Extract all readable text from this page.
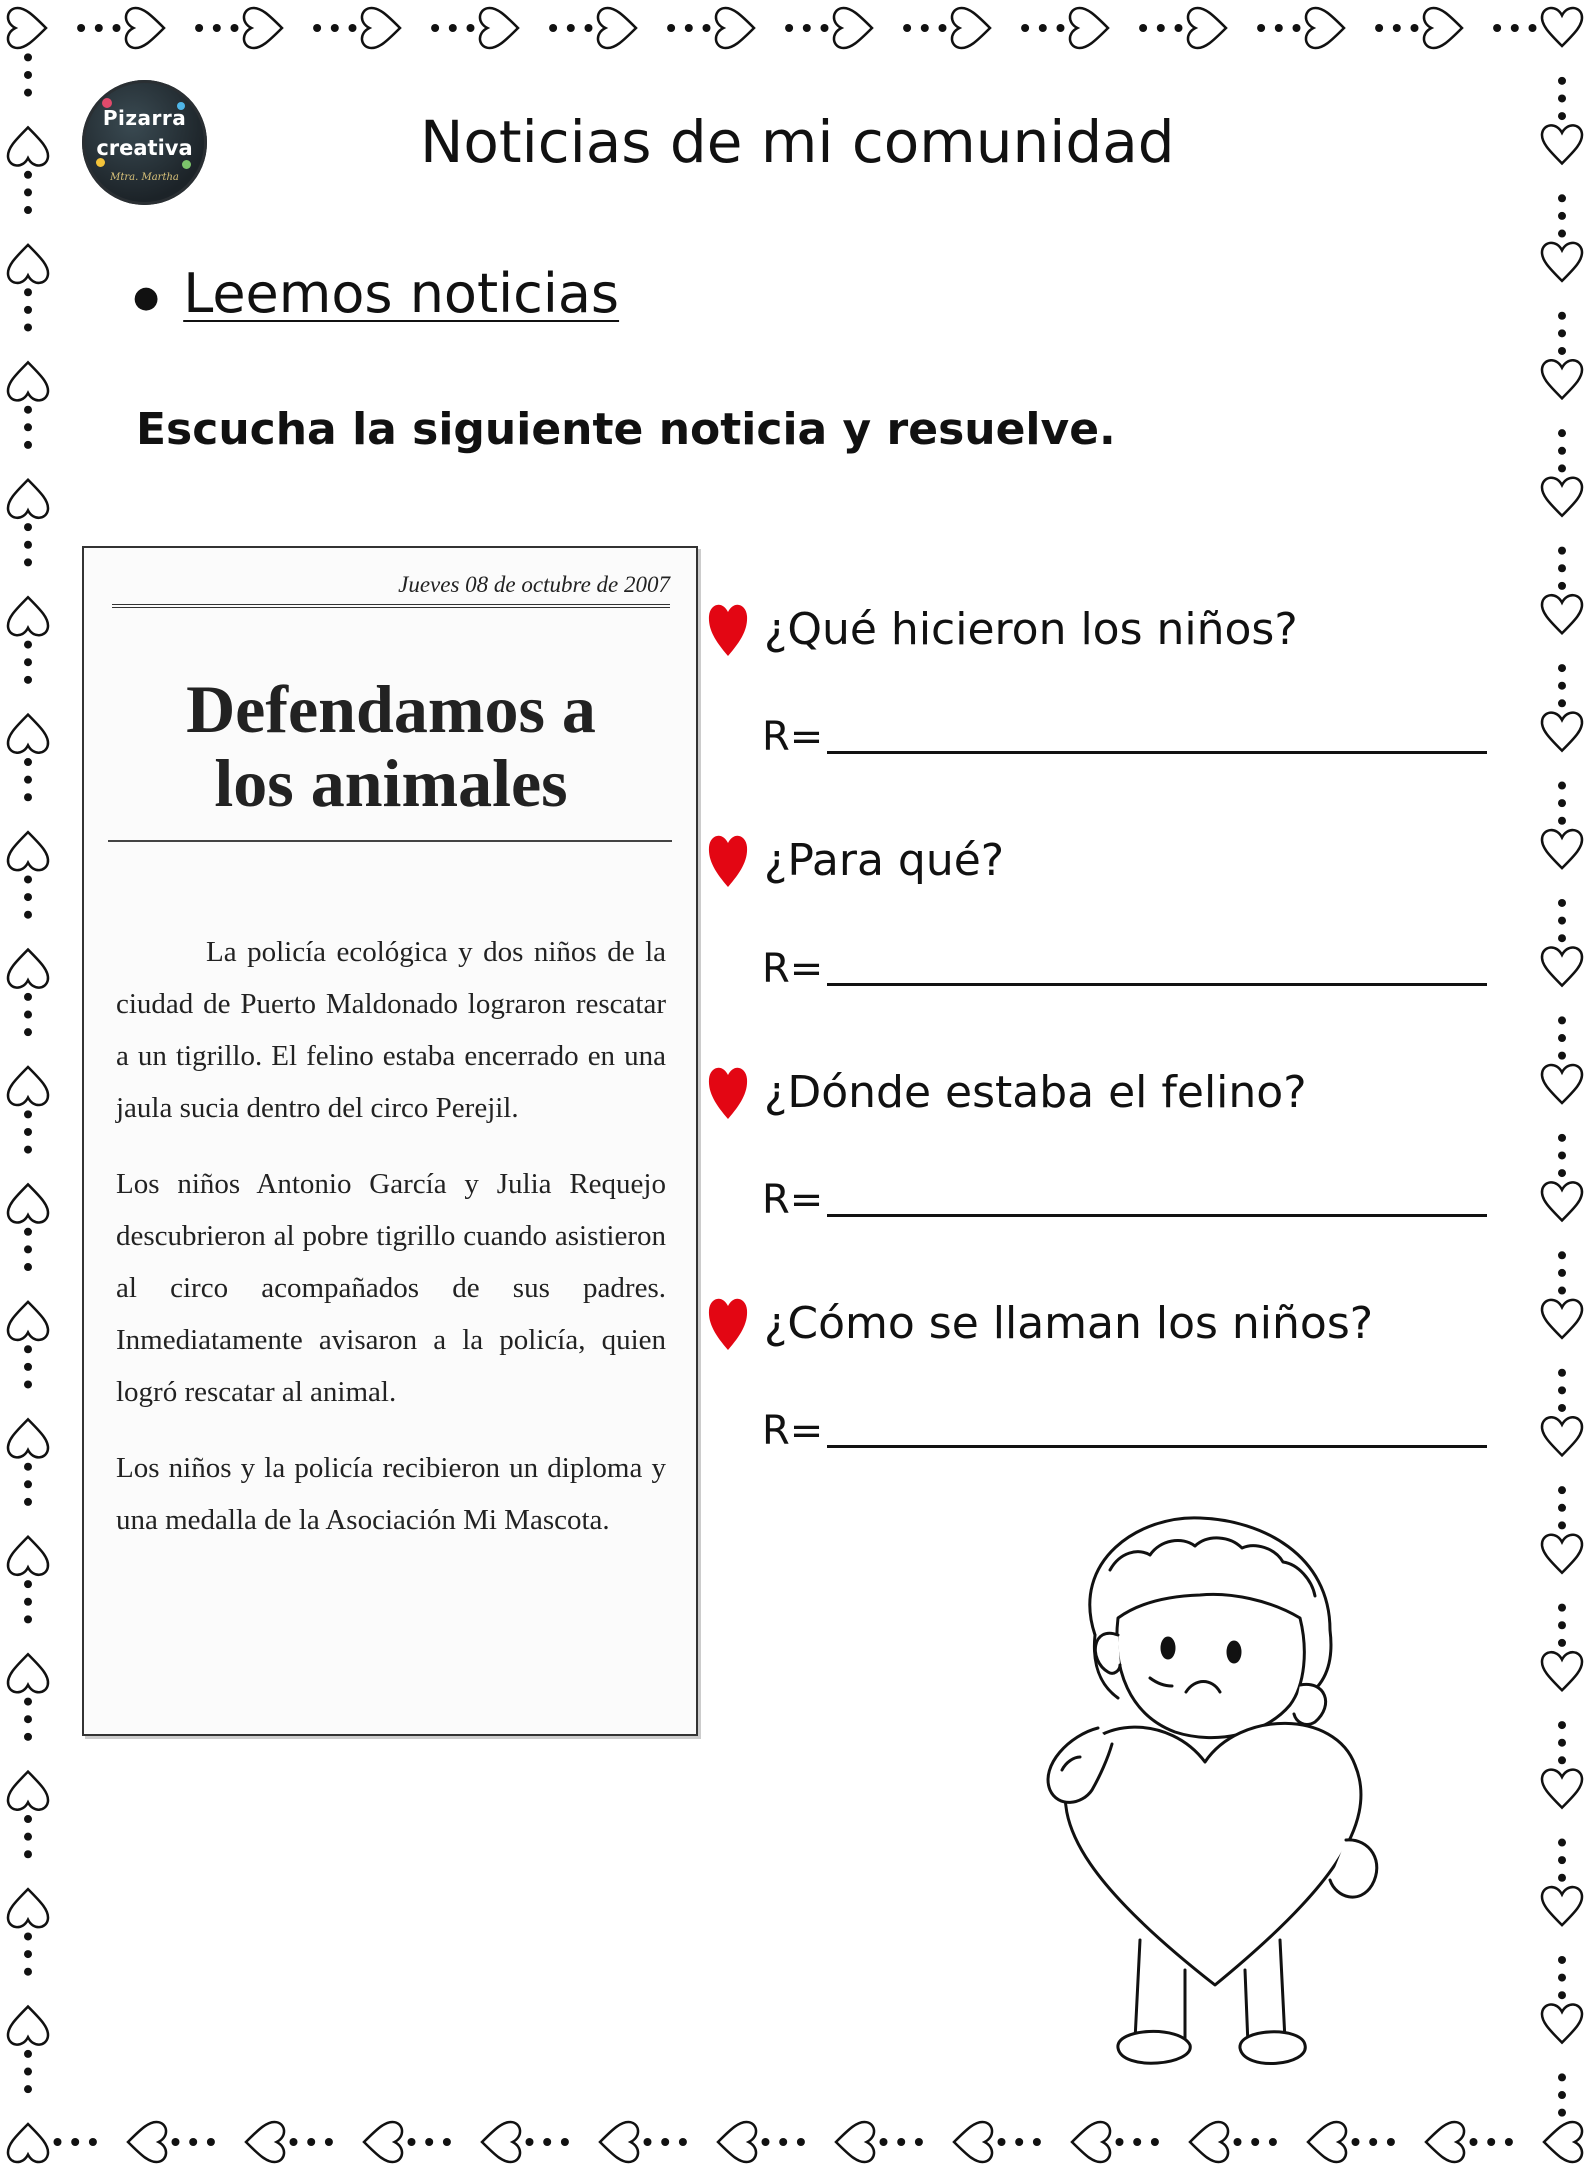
Pizarra
creativa
Mtra. Martha
Noticias de mi comunidad
● Leemos noticias
Escucha la siguiente noticia y resuelve.
Jueves 08 de octubre de 2007
Defendamos a
los animales

La policía ecológica y dos niños de la ciudad de Puerto Maldonado lograron rescatar a un tigrillo. El felino estaba encerrado en una jaula sucia dentro del circo Perejil.

Los niños Antonio García y Julia Requejo descubrieron al pobre tigrillo cuando asistieron al circo acompañados de sus padres. Inmediatamente avisaron a la policía, quien logró rescatar al animal.

Los niños y la policía recibieron un diploma y una medalla de la Asociación Mi Mascota.

¿Qué hicieron los niños?
R=
¿Para qué?
R=
¿Dónde estaba el felino?
R=
¿Cómo se llaman los niños?
R=
